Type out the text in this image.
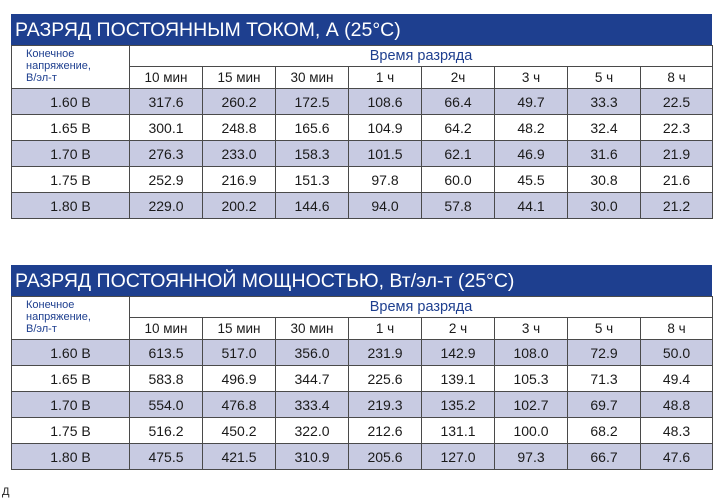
РАЗРЯД ПОСТОЯННЫМ ТОКОМ, А (25°C)
Конечное
напряжение,
В/эл-т	Время разряда							
	10 мин	15 мин	30 мин	1 ч	2ч	3 ч	5 ч	8 ч
1.60 В	317.6	260.2	172.5	108.6	66.4	49.7	33.3	22.5
1.65 В	300.1	248.8	165.6	104.9	64.2	48.2	32.4	22.3
1.70 В	276.3	233.0	158.3	101.5	62.1	46.9	31.6	21.9
1.75 В	252.9	216.9	151.3	97.8	60.0	45.5	30.8	21.6
1.80 В	229.0	200.2	144.6	94.0	57.8	44.1	30.0	21.2
РАЗРЯД ПОСТОЯННОЙ МОЩНОСТЬЮ, Вт/эл-т (25°C)
Конечное
напряжение,
В/эл-т	Время разряда							
	10 мин	15 мин	30 мин	1 ч	2 ч	3 ч	5 ч	8 ч
1.60 В	613.5	517.0	356.0	231.9	142.9	108.0	72.9	50.0
1.65 В	583.8	496.9	344.7	225.6	139.1	105.3	71.3	49.4
1.70 В	554.0	476.8	333.4	219.3	135.2	102.7	69.7	48.8
1.75 В	516.2	450.2	322.0	212.6	131.1	100.0	68.2	48.3
1.80 В	475.5	421.5	310.9	205.6	127.0	97.3	66.7	47.6
Д
